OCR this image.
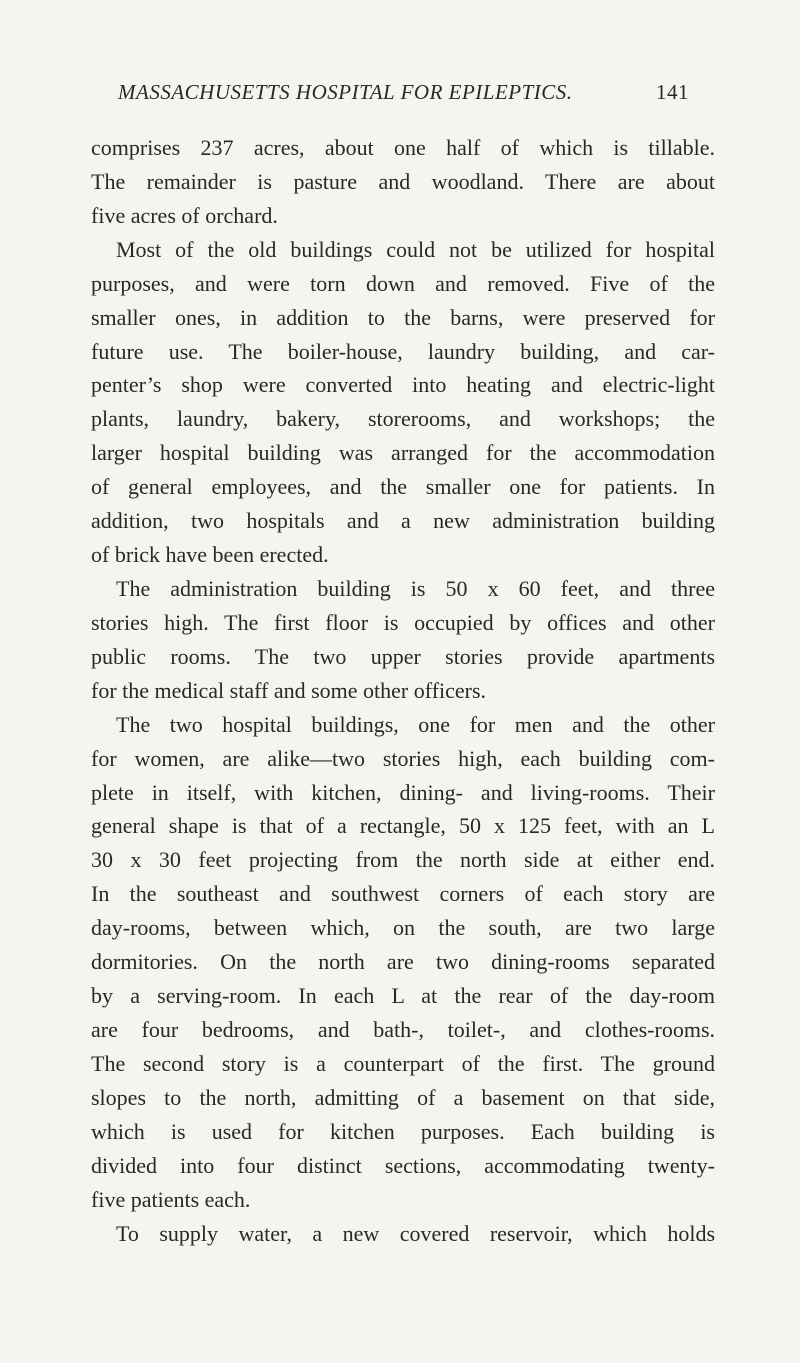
MASSACHUSETTS HOSPITAL FOR EPILEPTICS.	141
comprises 237 acres, about one half of which is tillable.
The remainder is pasture and woodland. There are about
five acres of orchard.
Most of the old buildings could not be utilized for hospital
purposes, and were torn down and removed. Five of the
smaller ones, in addition to the barns, were preserved for
future use. The boiler-house, laundry building, and car-
penter’s shop were converted into heating and electric-light
plants, laundry, bakery, storerooms, and workshops; the
larger hospital building was arranged for the accommodation
of general employees, and the smaller one for patients. In
addition, two hospitals and a new administration building
of brick have been erected.
The administration building is 50 x 60 feet, and three
stories high. The first floor is occupied by offices and other
public rooms. The two upper stories provide apartments
for the medical staff and some other officers.
The two hospital buildings, one for men and the other
for women, are alike—two stories high, each building com-
plete in itself, with kitchen, dining- and living-rooms. Their
general shape is that of a rectangle, 50 x 125 feet, with an L
30 x 30 feet projecting from the north side at either end.
In the southeast and southwest corners of each story are
day-rooms, between which, on the south, are two large
dormitories. On the north are two dining-rooms separated
by a serving-room. In each L at the rear of the day-room
are four bedrooms, and bath-, toilet-, and clothes-rooms.
The second story is a counterpart of the first. The ground
slopes to the north, admitting of a basement on that side,
which is used for kitchen purposes. Each building is
divided into four distinct sections, accommodating twenty-
five patients each.
To supply water, a new covered reservoir, which holds
